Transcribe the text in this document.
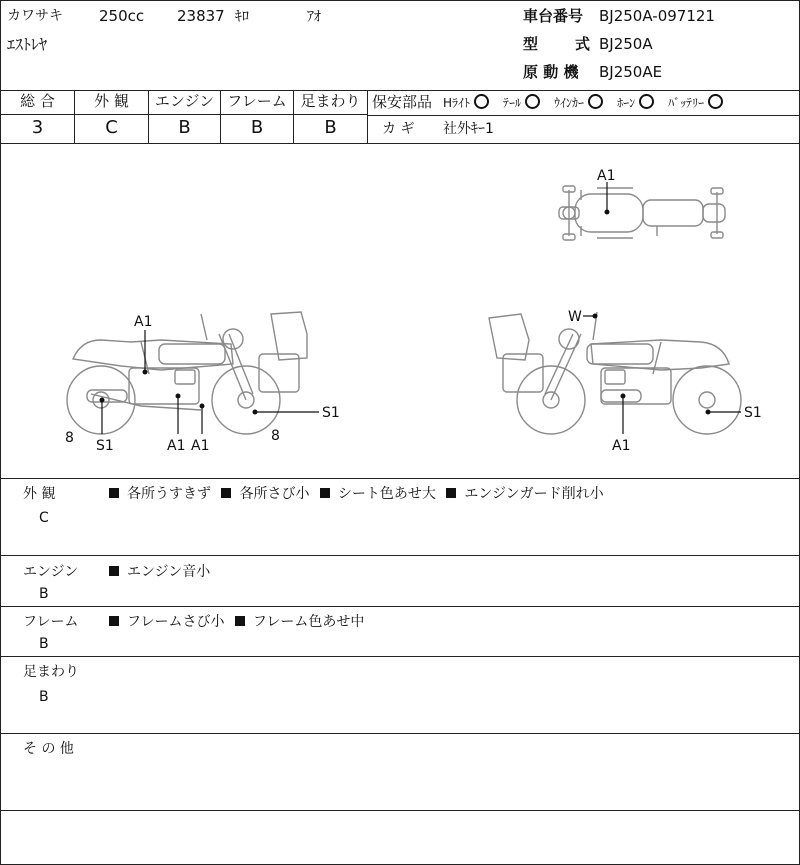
カワサキ 250cc 23837 ｷﾛ	ｱｵ
ｴｽﾄﾚﾔ
車台番号 BJ250A-097121
型 式 BJ250A
原 動 機 BJ250AE
総 合	外 観	エンジン フレーム 足まわり
3	C	B	B	B
保安部品 Hﾗｲﾄ	ﾃｰﾙ	ｳｲﾝｶｰ	ﾎｰﾝ	ﾊﾞｯﾃﾘｰ
カ ギ 社外ｷｰ1
A1
A1
S1
8	A1 A1
8
S1
W
S1
A1
外 観
C
各所うすきず 各所さび小 シート色あせ大 エンジンガード削れ小
エンジン
B
エンジン音小
フレーム
B
フレームさび小 フレーム色あせ中
足まわり
B
そ の 他
